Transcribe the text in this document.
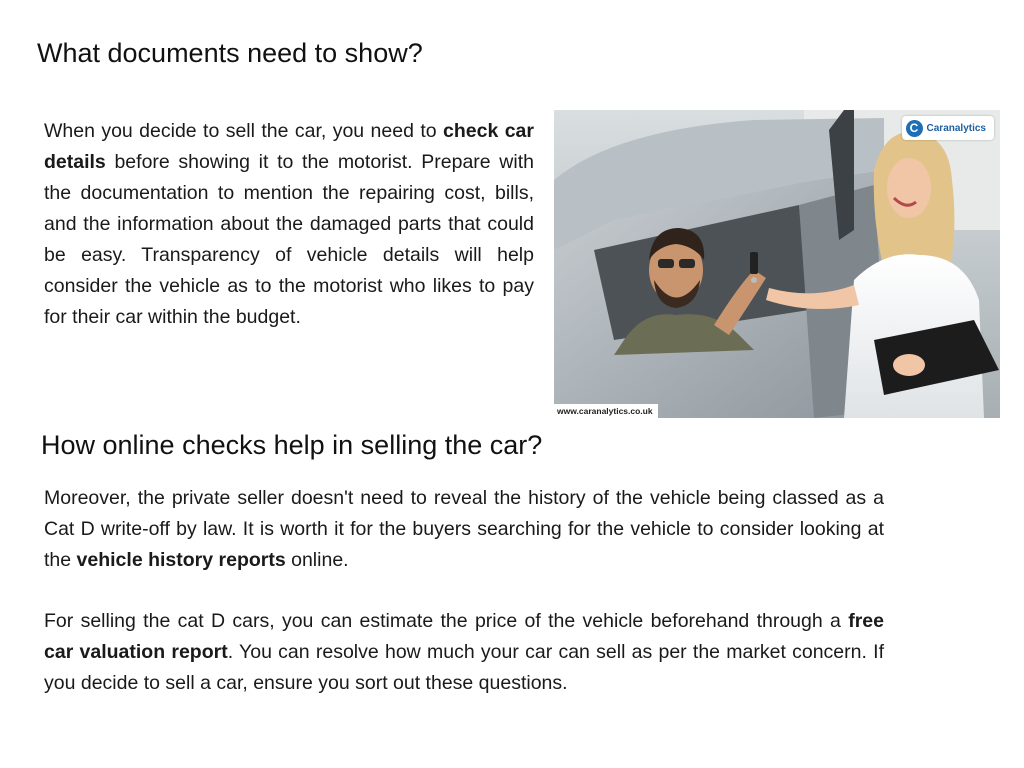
What documents need to show?

When you decide to sell the car, you need to check car details before showing it to the motorist. Prepare with the documentation to mention the repairing cost, bills, and the information about the damaged parts that could be easy. Transparency of vehicle details will help consider the vehicle as to the motorist who likes to pay for their car within the budget.

C Caranalytics
www.caranalytics.co.uk
How online checks help in selling the car?

Moreover, the private seller doesn't need to reveal the history of the vehicle being classed as a Cat D write-off by law. It is worth it for the buyers searching for the vehicle to consider looking at the vehicle history reports online.

For selling the cat D cars, you can estimate the price of the vehicle beforehand through a free car valuation report. You can resolve how much your car can sell as per the market concern. If you decide to sell a car, ensure you sort out these questions.
